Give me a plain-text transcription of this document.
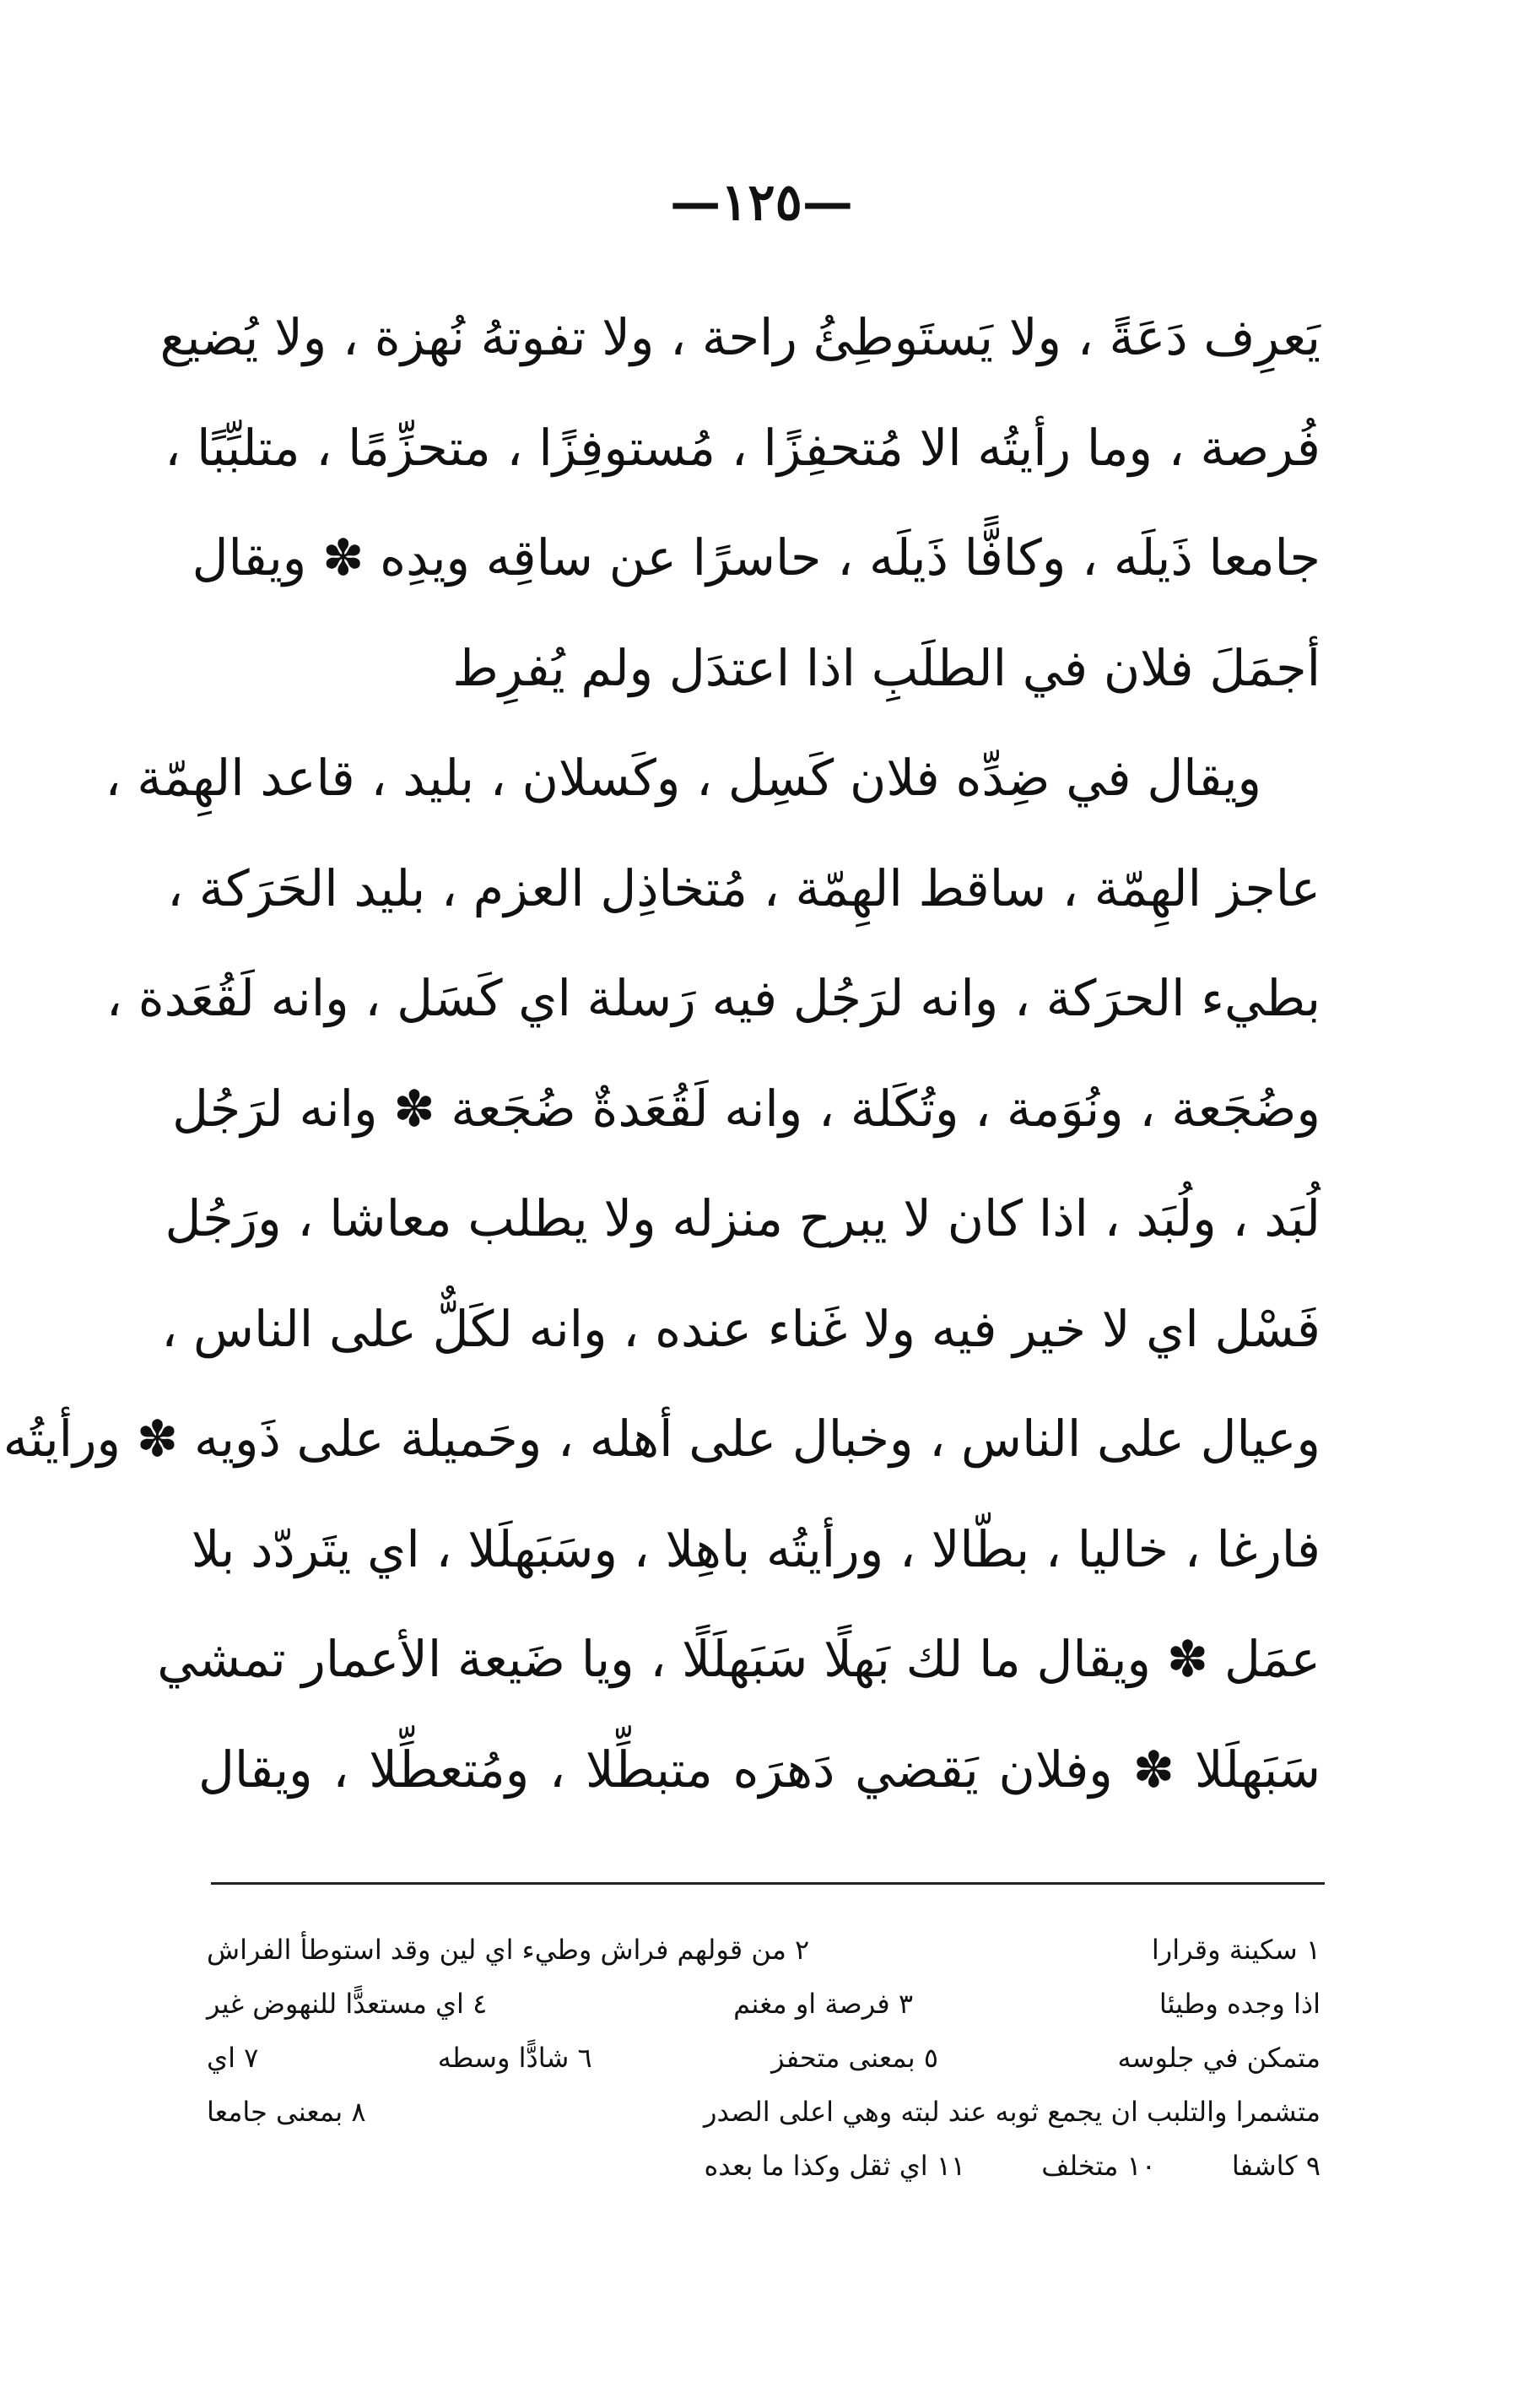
—١٢٥—
يَعرِف دَعَةً ، ولا يَستَوطِئُ راحة ، ولا تفوتهُ نُهزة ، ولا يُضيع
فُرصة ، وما رأيتُه الا مُتحفِزًا ، مُستوفِزًا ، متحزِّمًا ، متلبِّبًا ،
جامعا ذَيلَه ، وكافًّا ذَيلَه ، حاسرًا عن ساقِه ويدِه ✽ ويقال
أجمَلَ فلان في الطلَبِ اذا اعتدَل ولم يُفرِط
ويقال في ضِدِّه فلان كَسِل ، وكَسلان ، بليد ، قاعد الهِمّة ،
عاجز الهِمّة ، ساقط الهِمّة ، مُتخاذِل العزم ، بليد الحَرَكة ،
بطيء الحرَكة ، وانه لرَجُل فيه رَسلة اي كَسَل ، وانه لَقُعَدة ،
وضُجَعة ، ونُوَمة ، وتُكَلة ، وانه لَقُعَدةٌ ضُجَعة ✽ وانه لرَجُل
لُبَد ، ولُبَد ، اذا كان لا يبرح منزله ولا يطلب معاشا ، ورَجُل
فَسْل اي لا خير فيه ولا غَناء عنده ، وانه لكَلٌّ على الناس ،
وعيال على الناس ، وخبال على أهله ، وحَميلة على ذَويه ✽ ورأيتُه
فارغا ، خاليا ، بطّالا ، ورأيتُه باهِلا ، وسَبَهلَلا ، اي يتَردّد بلا
عمَل ✽ ويقال ما لك بَهلًا سَبَهلَلًا ، ويا ضَيعة الأعمار تمشي
سَبَهلَلا ✽ وفلان يَقضي دَهرَه متبطِّلا ، ومُتعطِّلا ، ويقال
١ سكينة وقرارا
٢ من قولهم فراش وطيء اي لين وقد استوطأ الفراش
اذا وجده وطيئا
٣ فرصة او مغنم
٤ اي مستعدًّا للنهوض غير
متمكن في جلوسه
٥ بمعنى متحفز
٦ شادًّا وسطه
٧ اي
متشمرا والتلبب ان يجمع ثوبه عند لبته وهي اعلى الصدر
٨ بمعنى جامعا
٩ كاشفا
١٠ متخلف
١١ اي ثقل وكذا ما بعده
